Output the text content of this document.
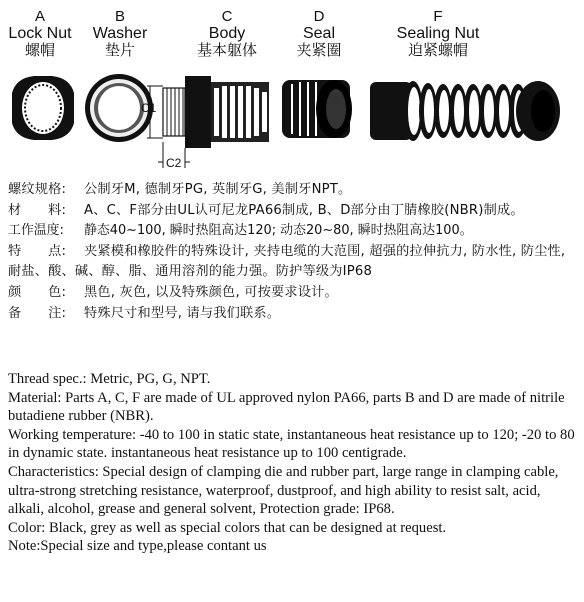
A
Lock Nut
螺帽
B
Washer
垫片
C
Body
基本躯体
D
Seal
夹紧圈
F
Sealing Nut
迫紧螺帽
C1
C2
螺纹规格: 公制牙M, 德制牙PG, 英制牙G, 美制牙NPT。
材　　料: A、C、F部分由UL认可尼龙PA66制成, B、D部分由丁腈橡胶(NBR)制成。
工作温度: 静态40~100, 瞬时热阻高达120; 动态20~80, 瞬时热阻高达100。
特　　点: 夹紧模和橡胶件的特殊设计, 夹持电缆的大范围, 超强的拉伸抗力, 防水性, 防尘性, 耐盐、酸、碱、醇、脂、通用溶剂的能力强。防护等级为IP68
颜　　色: 黑色, 灰色, 以及特殊颜色, 可按要求设计。
备　　注: 特殊尺寸和型号, 请与我们联系。

Thread spec.: Metric, PG, G, NPT.

Material: Parts A, C, F are made of UL approved nylon PA66, parts B and D are made of nitrile butadiene rubber (NBR).

Working temperature: -40 to 100 in static state, instantaneous heat resistance up to 120; -20 to 80 in dynamic state. instantaneous heat resistance up to 100 centigrade.

Characteristics: Special design of clamping die and rubber part, large range in clamping cable, ultra-strong stretching resistance, waterproof, dustproof, and high ability to resist salt, acid, alkali, alcohol, grease and general solvent, Protection grade: IP68.

Color: Black, grey as well as special colors that can be designed at request.

Note:Special size and type,please contant us
